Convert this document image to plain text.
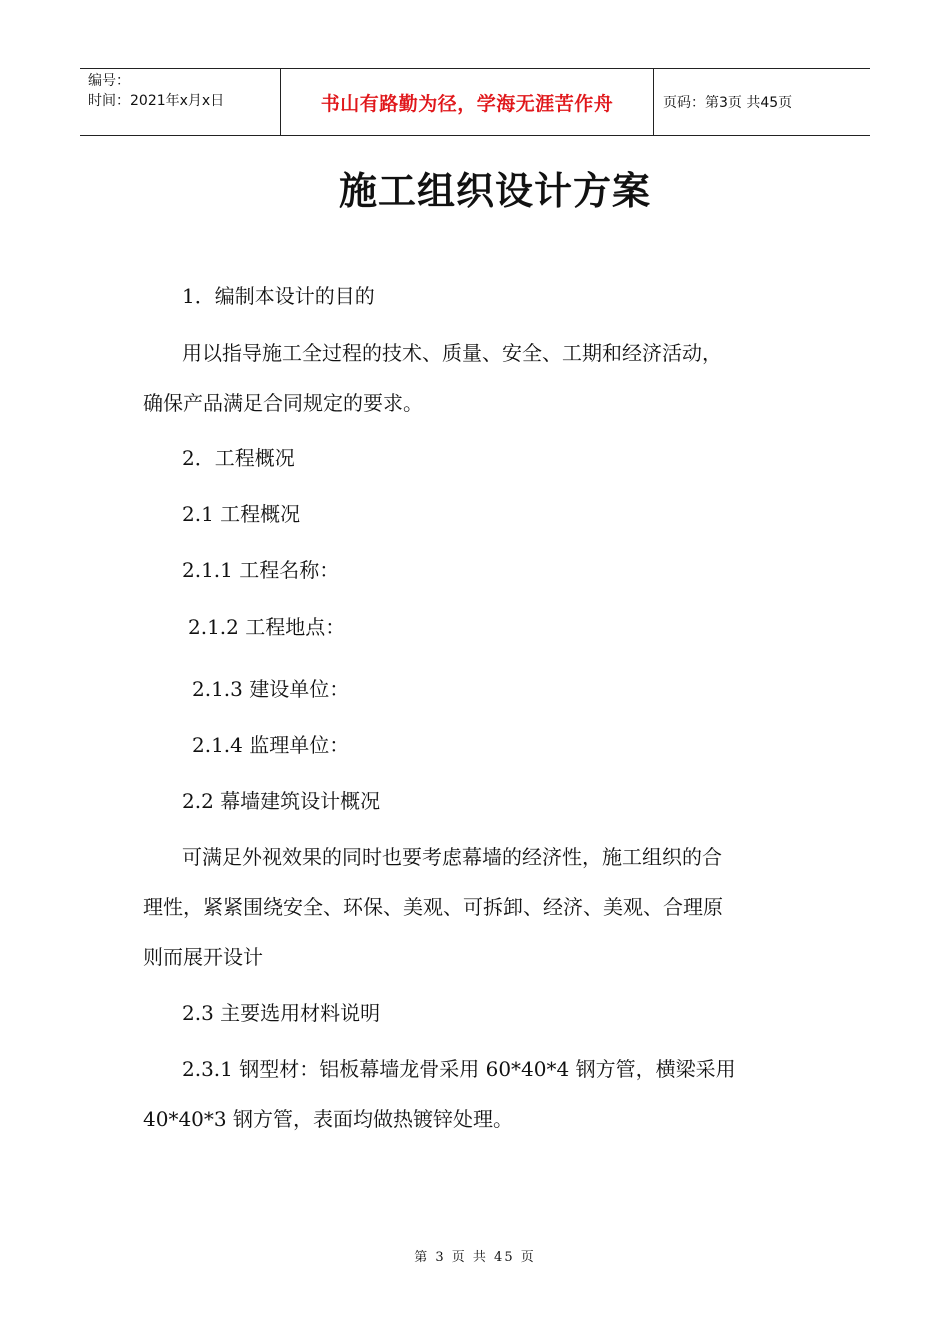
编号：
时间：2021年x月x日	书山有路勤为径，学海无涯苦作舟	页码：第3页 共45页
施工组织设计方案
1．编制本设计的目的
用以指导施工全过程的技术、质量、安全、工期和经济活动，
确保产品满足合同规定的要求。
2．工程概况
2.1 工程概况
2.1.1 工程名称：
2.1.2 工程地点：
2.1.3 建设单位：
2.1.4 监理单位：
2.2 幕墙建筑设计概况
可满足外视效果的同时也要考虑幕墙的经济性，施工组织的合
理性，紧紧围绕安全、环保、美观、可拆卸、经济、美观、合理原
则而展开设计
2.3 主要选用材料说明
2.3.1 钢型材：铝板幕墙龙骨采用 60*40*4 钢方管，横梁采用
40*40*3 钢方管，表面均做热镀锌处理。
第 3 页 共 45 页
